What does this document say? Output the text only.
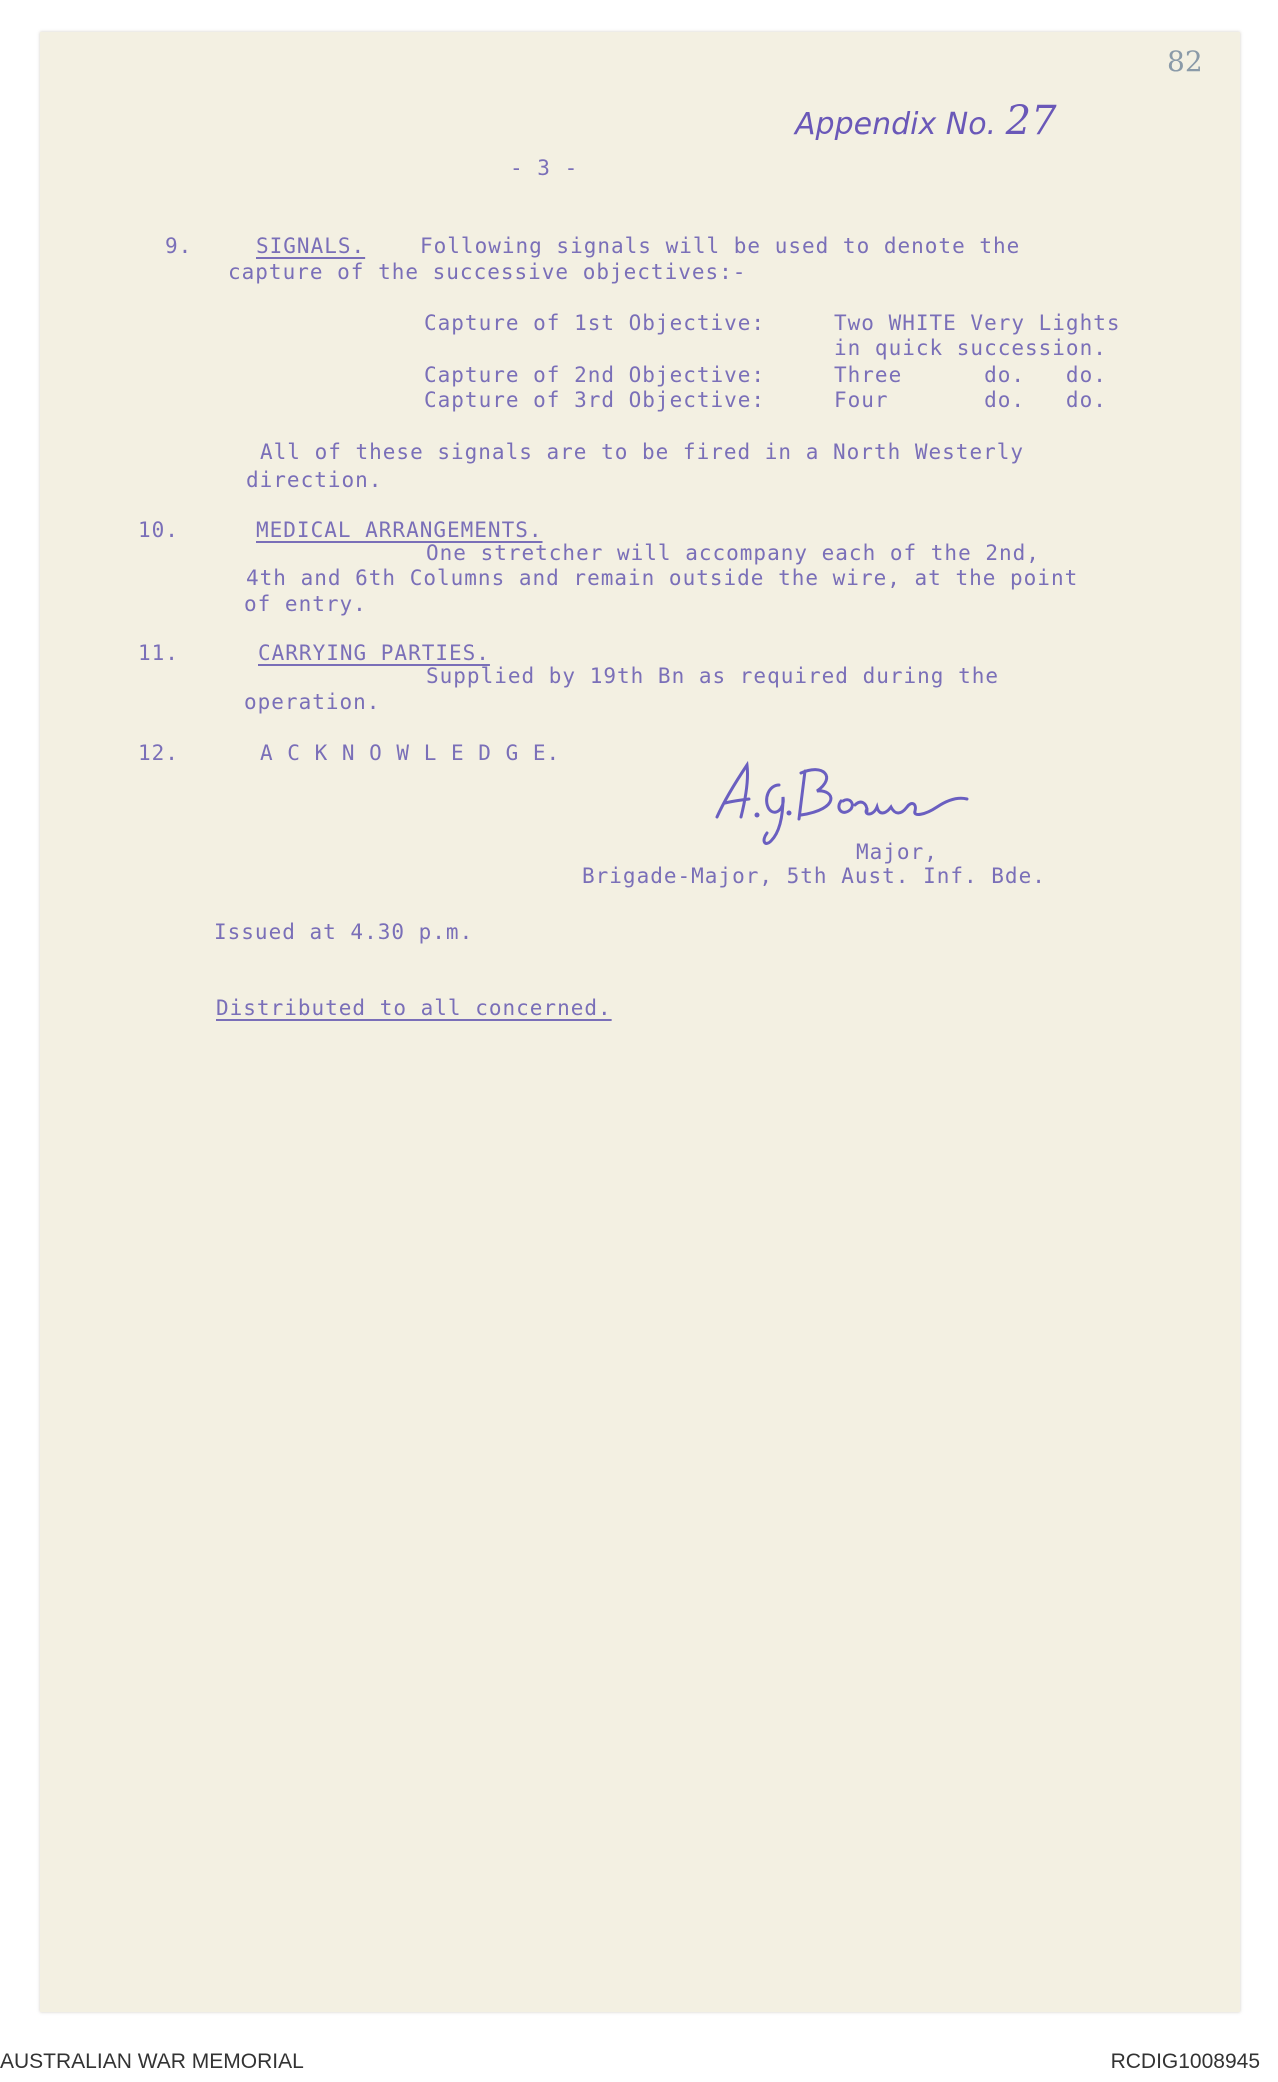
82
Appendix No. 27
- 3 -
9.	SIGNALS.	Following signals will be used to denote the
capture of the successive objectives:-
Capture of 1st Objective:	Two WHITE Very Lights
in quick succession.
Capture of 2nd Objective:	Three      do.   do.
Capture of 3rd Objective:	Four       do.   do.
All of these signals are to be fired in a North Westerly
direction.
10.	MEDICAL ARRANGEMENTS.
One stretcher will accompany each of the 2nd,
4th and 6th Columns and remain outside the wire, at the point
of entry.
11.	CARRYING PARTIES.
Supplied by 19th Bn as required during the
operation.
12.	A C K N O W L E D G E.
Major,
Brigade-Major, 5th Aust. Inf. Bde.
Issued at 4.30 p.m.
Distributed to all concerned.
AUSTRALIAN WAR MEMORIAL	RCDIG1008945
